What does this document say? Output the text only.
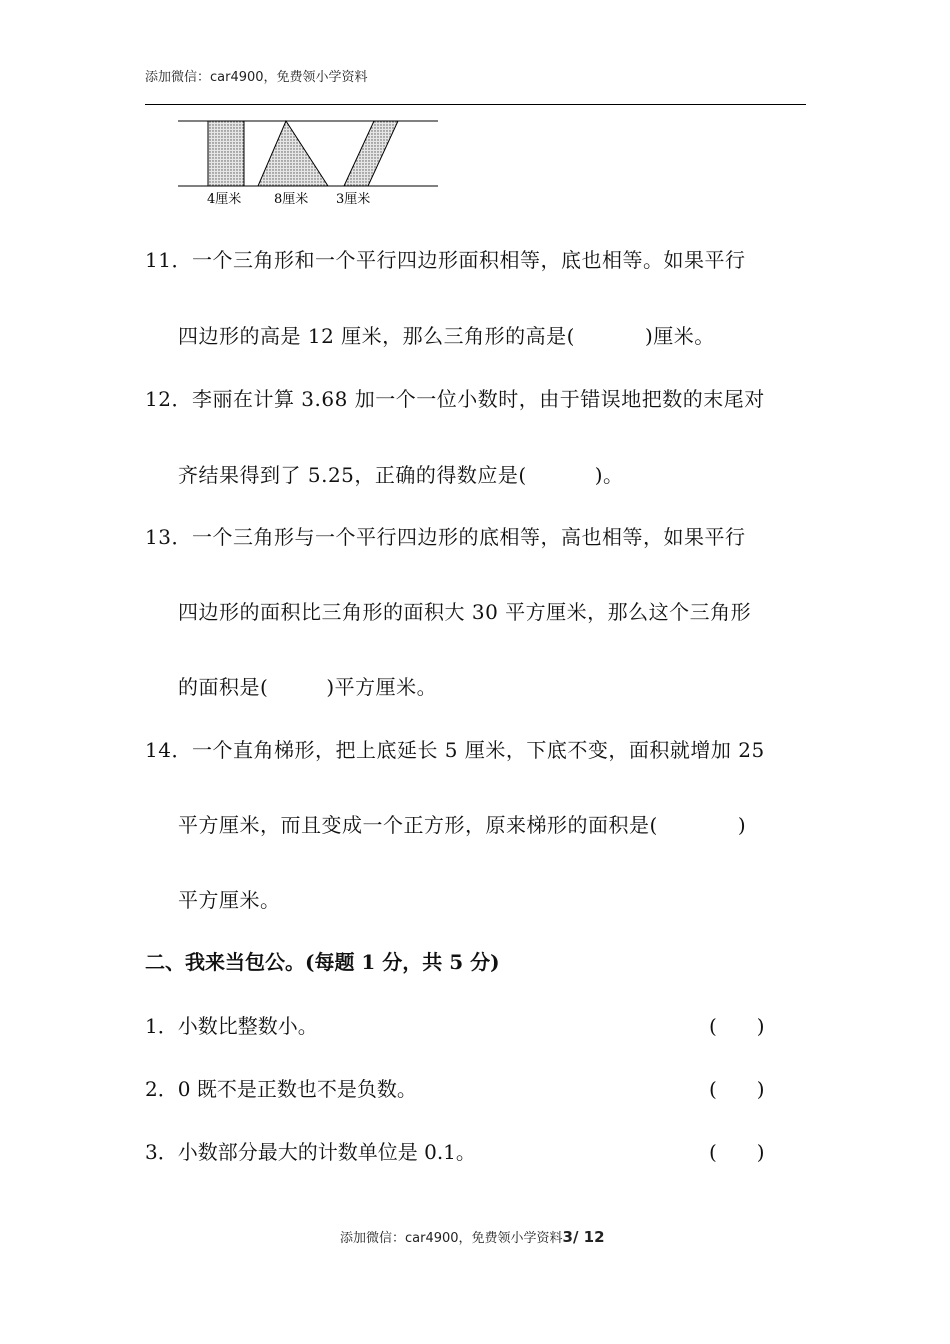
添加微信：car4900，免费领小学资料
4厘米	8厘米 3厘米
11．一个三角形和一个平行四边形面积相等，底也相等。如果平行
四边形的高是 12 厘米，那么三角形的高是(	)厘米。
12．李丽在计算 3.68 加一个一位小数时，由于错误地把数的末尾对
齐结果得到了 5.25，正确的得数应是(	)。
13．一个三角形与一个平行四边形的底相等，高也相等，如果平行
四边形的面积比三角形的面积大 30 平方厘米，那么这个三角形
的面积是(	)平方厘米。
14．一个直角梯形，把上底延长 5 厘米，下底不变，面积就增加 25
平方厘米，而且变成一个正方形，原来梯形的面积是(	)
平方厘米。
二、我来当包公。(每题 1 分，共 5 分)
1．小数比整数小。	(　　)
2．0 既不是正数也不是负数。	(　　)
3．小数部分最大的计数单位是 0.1。	(　　)
添加微信：car4900，免费领小学资料3/ 12
